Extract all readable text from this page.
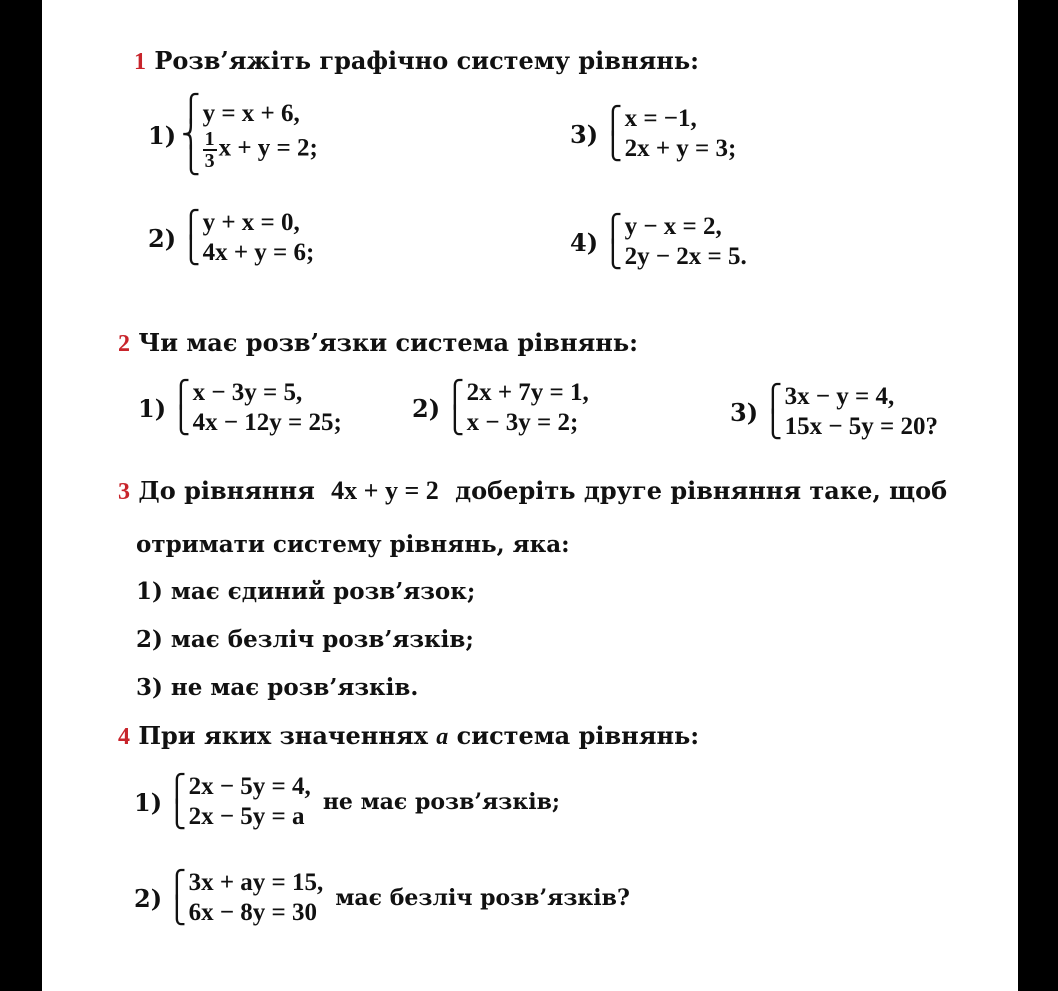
1 Розв’яжіть графічно систему рівнянь:
1)
⎧
⎨
⎩
y = x + 6,
$\frac{1}{3}$ x + y = 2;	3) ⎧
⎩
x = −1,
2x + y = 3;
2) ⎧
⎩
y + x = 0,
4x + y = 6;	4) ⎧
⎩
y − x = 2,
2y − 2x = 5.
2 Чи має розв’язки система рівнянь:
1) ⎧
⎩
x − 3y = 5,
4x − 12y = 25;	2) ⎧
⎩
2x + 7y = 1,
x − 3y = 2;	3) ⎧
⎩
3x − y = 4,
15x − 5y = 20?
3 До рівняння 4x + y = 2 доберіть друге рівняння таке, щоб
отримати систему рівнянь, яка:
1) має єдиний розв’язок;
2) має безліч розв’язків;
3) не має розв’язків.
4 При яких значеннях a система рівнянь:
1) ⎧
⎩
2x − 5y = 4,
2x − 5y = a
не має розв’язків;
2) ⎧
⎩
3x + ay = 15,
6x − 8y = 30
має безліч розв’язків?
